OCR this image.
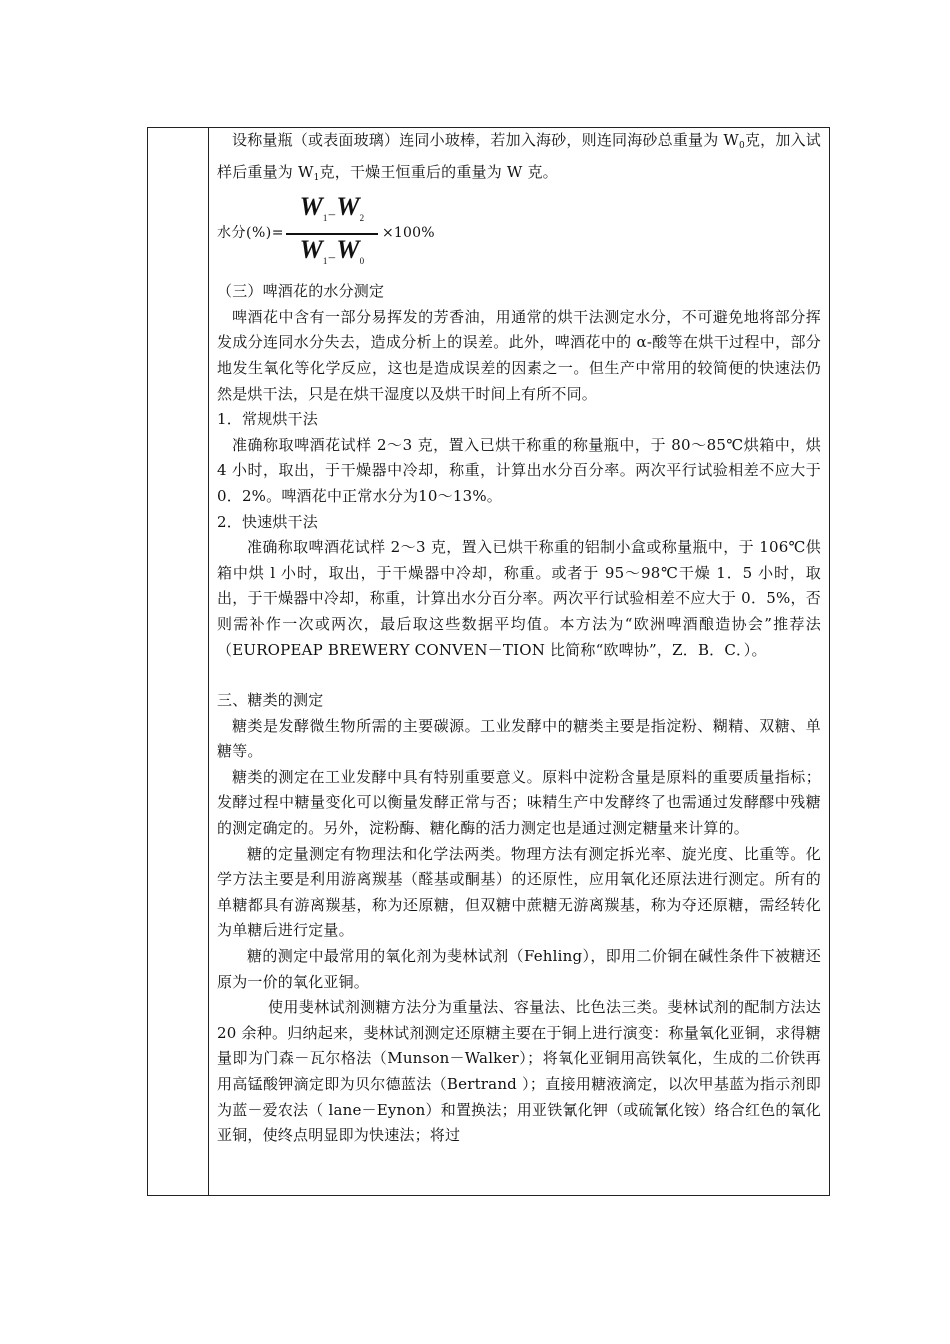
设称量瓶（或表面玻璃）连同小玻棒，若加入海砂，则连同海砂总重量为 $W_0$克，加入试样后重量为 $W_1$克，干燥王恒重后的重量为 W 克。

水分(%)= $\frac{W_1-W_2}{W_1-W_0} \times 100\%$

（三）啤酒花的水分测定

啤酒花中含有一部分易挥发的芳香油，用通常的烘干法测定水分，不可避免地将部分挥发成分连同水分失去，造成分析上的误差。此外，啤酒花中的 α-酸等在烘干过程中，部分地发生氧化等化学反应，这也是造成误差的因素之一。但生产中常用的较简便的快速法仍然是烘干法，只是在烘干湿度以及烘干时间上有所不同。

1．常规烘干法

准确称取啤酒花试样 2～3 克，置入已烘干称重的称量瓶中，于 80～85℃烘箱中，烘 4 小时，取出，于干燥器中冷却，称重，计算出水分百分率。两次平行试验相差不应大于 0．2%。啤酒花中正常水分为10～13%。

2．快速烘干法

准确称取啤酒花试样 2～3 克，置入已烘干称重的铝制小盒或称量瓶中，于 106℃供箱中烘 l 小时，取出，于干燥器中冷却，称重。或者于 95～98℃干燥 1．5 小时，取出，于干燥器中冷却，称重，计算出水分百分率。两次平行试验相差不应大于 0．5%，否则需补作一次或两次，最后取这些数据平均值。本方法为“欧洲啤酒酿造协会”推荐法（EUROPEAP BREWERY CONVEN－TION 比简称“欧啤协”，Z．B．C．）。

三、糖类的测定

糖类是发酵微生物所需的主要碳源。工业发酵中的糖类主要是指淀粉、糊精、双糖、单糖等。

糖类的测定在工业发酵中具有特别重要意义。原料中淀粉含量是原料的重要质量指标；发酵过程中糖量变化可以衡量发酵正常与否；味精生产中发酵终了也需通过发酵醪中残糖的测定确定的。另外，淀粉酶、糖化酶的活力测定也是通过测定糖量来计算的。

糖的定量测定有物理法和化学法两类。物理方法有测定拆光率、旋光度、比重等。化学方法主要是利用游离羰基（醛基或酮基）的还原性，应用氧化还原法进行测定。所有的单糖都具有游离羰基，称为还原糖，但双糖中蔗糖无游离羰基，称为夺还原糖，需经转化为单糖后进行定量。

糖的测定中最常用的氧化剂为斐林试剂（Fehling），即用二价铜在碱性条件下被糖还原为一价的氧化亚铜。

使用斐林试剂测糖方法分为重量法、容量法、比色法三类。斐林试剂的配制方法达 20 余种。归纳起来，斐林试剂测定还原糖主要在于铜上进行演变：称量氧化亚铜，求得糖量即为门森－瓦尔格法（Munson－Walker）；将氧化亚铜用高铁氧化，生成的二价铁再用高锰酸钾滴定即为贝尔德蓝法（Bertrand ）；直接用糖液滴定，以次甲基蓝为指示剂即为蓝－爱农法（ lane－Eynon）和置换法；用亚铁氰化钾（或硫氰化铵）络合红色的氧化亚铜，使终点明显即为快速法；将过
